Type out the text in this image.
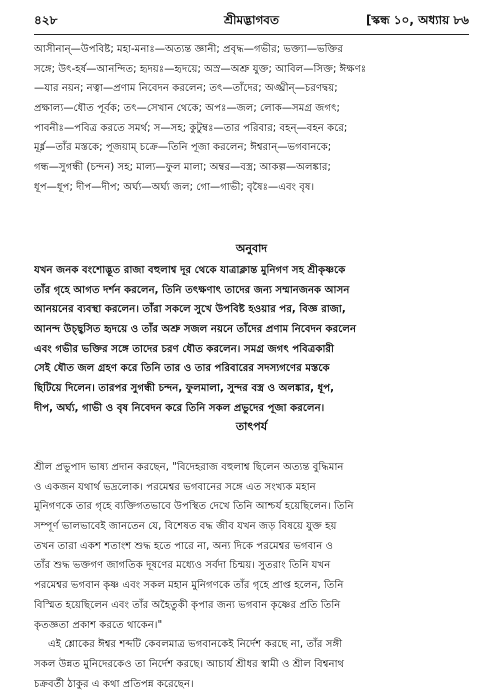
৪২৮	শ্রীমদ্ভাগবত	[স্কন্ধ ১০, অধ্যায় ৮৬

আসীনান্—উপবিষ্ট; মহা-মনাঃ—অত্যন্ত জ্ঞানী; প্রবৃদ্ধ—গভীর; ভক্ত্যা—ভক্তির

সঙ্গে; উৎ-হর্ষ—আনন্দিত; হৃদয়ঃ—হৃদয়ে; অস্র—অশ্রু যুক্ত; আবিল—সিক্ত; ঈক্ষণঃ

—যার নয়ন; নত্বা—প্রণাম নিবেদন করলেন; তৎ—তাঁদের; অঙ্ঘ্রীন্—চরণদ্বয়;

প্রক্ষাল্য—ধৌত পূর্বক; তৎ—সেখান থেকে; অপঃ—জল; লোক—সমগ্র জগৎ;

পাবনীঃ—পবিত্র করতে সমর্থ; স—সহ; কুটুম্বঃ—তার পরিবার; বহন্—বহন করে;

মূর্ধ্ন—তাঁর মস্তকে; পূজয়াম্ চক্রে—তিনি পূজা করলেন; ঈশ্বরান্—ভগবানকে;

গন্ধ—সুগন্ধী (চন্দন) সহ; মাল্য—ফুল মালা; অম্বর—বস্ত্র; আকল্প—অলঙ্কার;

ধূপ—ধূপ; দীপ—দীপ; অর্ঘ্য—অর্ঘ্য জল; গো—গাভী; বৃষৈঃ—এবং বৃষ।

অনুবাদ

যখন জনক বংশোদ্ভূত রাজা বহুলাশ্ব দূর থেকে যাত্রাক্লান্ত মুনিগণ সহ শ্রীকৃষ্ণকে

তাঁর গৃহে আগত দর্শন করলেন, তিনি তৎক্ষণাৎ তাদের জন্য সম্মানজনক আসন

আনয়নের ব্যবস্থা করলেন। তাঁরা সকলে সুখে উপবিষ্ট হওয়ার পর, বিজ্ঞ রাজা,

আনন্দ উচ্ছ্বসিত হৃদয়ে ও তাঁর অশ্রু সজল নয়নে তাঁদের প্রণাম নিবেদন করলেন

এবং গভীর ভক্তির সঙ্গে তাদের চরণ ধৌত করলেন। সমগ্র জগৎ পবিত্রকারী

সেই ধৌত জল গ্রহণ করে তিনি তার ও তার পরিবারের সদস্যগণের মস্তকে

ছিটিয়ে দিলেন। তারপর সুগন্ধী চন্দন, ফুলমালা, সুন্দর বস্ত্র ও অলঙ্কার, ধূপ,

দীপ, অর্ঘ্য, গাভী ও বৃষ নিবেদন করে তিনি সকল প্রভুদের পূজা করলেন।

তাৎপর্য

শ্রীল প্রভুপাদ ভাষ্য প্রদান করছেন, "বিদেহরাজ বহুলাশ্ব ছিলেন অত্যন্ত বুদ্ধিমান

ও একজন যথার্থ ভদ্রলোক। পরমেশ্বর ভগবানের সঙ্গে এত সংখ্যক মহান

মুনিগণকে তার গৃহে ব্যক্তিগতভাবে উপস্থিত দেখে তিনি আশ্চর্য হয়েছিলেন। তিনি

সম্পূর্ণ ভালভাবেই জানতেন যে, বিশেষত বদ্ধ জীব যখন জড় বিষয়ে যুক্ত হয়

তখন তারা একশ শতাংশ শুদ্ধ হতে পারে না, অন্য দিকে পরমেশ্বর ভগবান ও

তাঁর শুদ্ধ ভক্তগণ জাগতিক দূষণের মধ্যেও সর্বদা চিন্ময়। সুতরাং তিনি যখন

পরমেশ্বর ভগবান কৃষ্ণ এবং সকল মহান মুনিগণকে তাঁর গৃহে প্রাপ্ত হলেন, তিনি

বিস্মিত হয়েছিলেন এবং তাঁর অহৈতুকী কৃপার জন্য ভগবান কৃষ্ণের প্রতি তিনি

কৃতজ্ঞতা প্রকাশ করতে থাকেন।"

এই শ্লোকের ঈশ্বর শব্দটি কেবলমাত্র ভগবানকেই নির্দেশ করছে না, তাঁর সঙ্গী

সকল উন্নত মুনিদেরকেও তা নির্দেশ করছে। আচার্য শ্রীধর স্বামী ও শ্রীল বিশ্বনাথ

চক্রবর্তী ঠাকুর এ কথা প্রতিপন্ন করেছেন।
